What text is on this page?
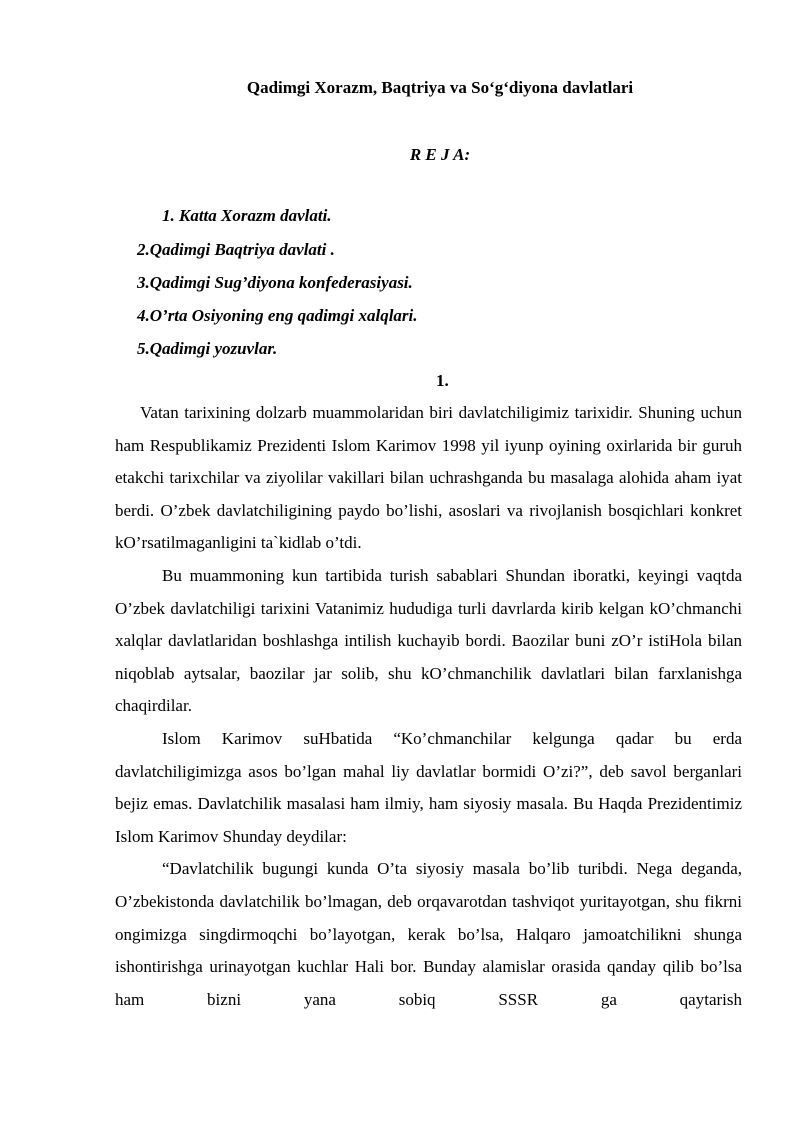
Qadimgi Xorazm, Baqtriya va So‘g‘diyona davlatlari
R E J A:
1. Katta Xorazm davlati.
2.Qadimgi Baqtriya davlati .
3.Qadimgi Sug’diyona konfederasiyasi.
4.O’rta Osiyoning eng qadimgi xalqlari.
5.Qadimgi yozuvlar.
1.

Vatan tarixining dolzarb muammolaridan biri davlatchiligimiz tarixidir. Shuning uchun ham Respublikamiz Prezidenti Islom Karimov 1998 yil iyunp oyining oxirlarida bir guruh etakchi tarixchilar va ziyolilar vakillari bilan uchrashganda bu masalaga alohida aham iyat berdi. O’zbek davlatchiligining paydo bo’lishi, asoslari va rivojlanish bosqichlari konkret kO’rsatilmaganligini ta`kidlab o’tdi.

Bu muammoning kun tartibida turish sabablari Shundan iboratki, keyingi vaqtda O’zbek davlatchiligi tarixini Vatanimiz hududiga turli davrlarda kirib kelgan kO’chmanchi xalqlar davlatlaridan boshlashga intilish kuchayib bordi. Baozilar buni zO’r istiHola bilan niqoblab aytsalar, baozilar jar solib, shu kO’chmanchilik davlatlari bilan farxlanishga chaqirdilar.

Islom Karimov suHbatida “Ko’chmanchilar kelgunga qadar bu erda davlatchiligimizga asos bo’lgan mahal liy davlatlar bormidi O’zi?”, deb savol berganlari bejiz emas. Davlatchilik masalasi ham ilmiy, ham siyosiy masala. Bu Haqda Prezidentimiz Islom Karimov Shunday deydilar:

“Davlatchilik bugungi kunda O’ta siyosiy masala bo’lib turibdi. Nega deganda, O’zbekistonda davlatchilik bo’lmagan, deb orqavarotdan tashviqot yuritayotgan, shu fikrni ongimizga singdirmoqchi bo’layotgan, kerak bo’lsa, Halqaro jamoatchilikni shunga ishontirishga urinayotgan kuchlar Hali bor. Bunday alamislar orasida qanday qilib bo’lsa ham bizni yana sobiq SSSR ga qaytarish
